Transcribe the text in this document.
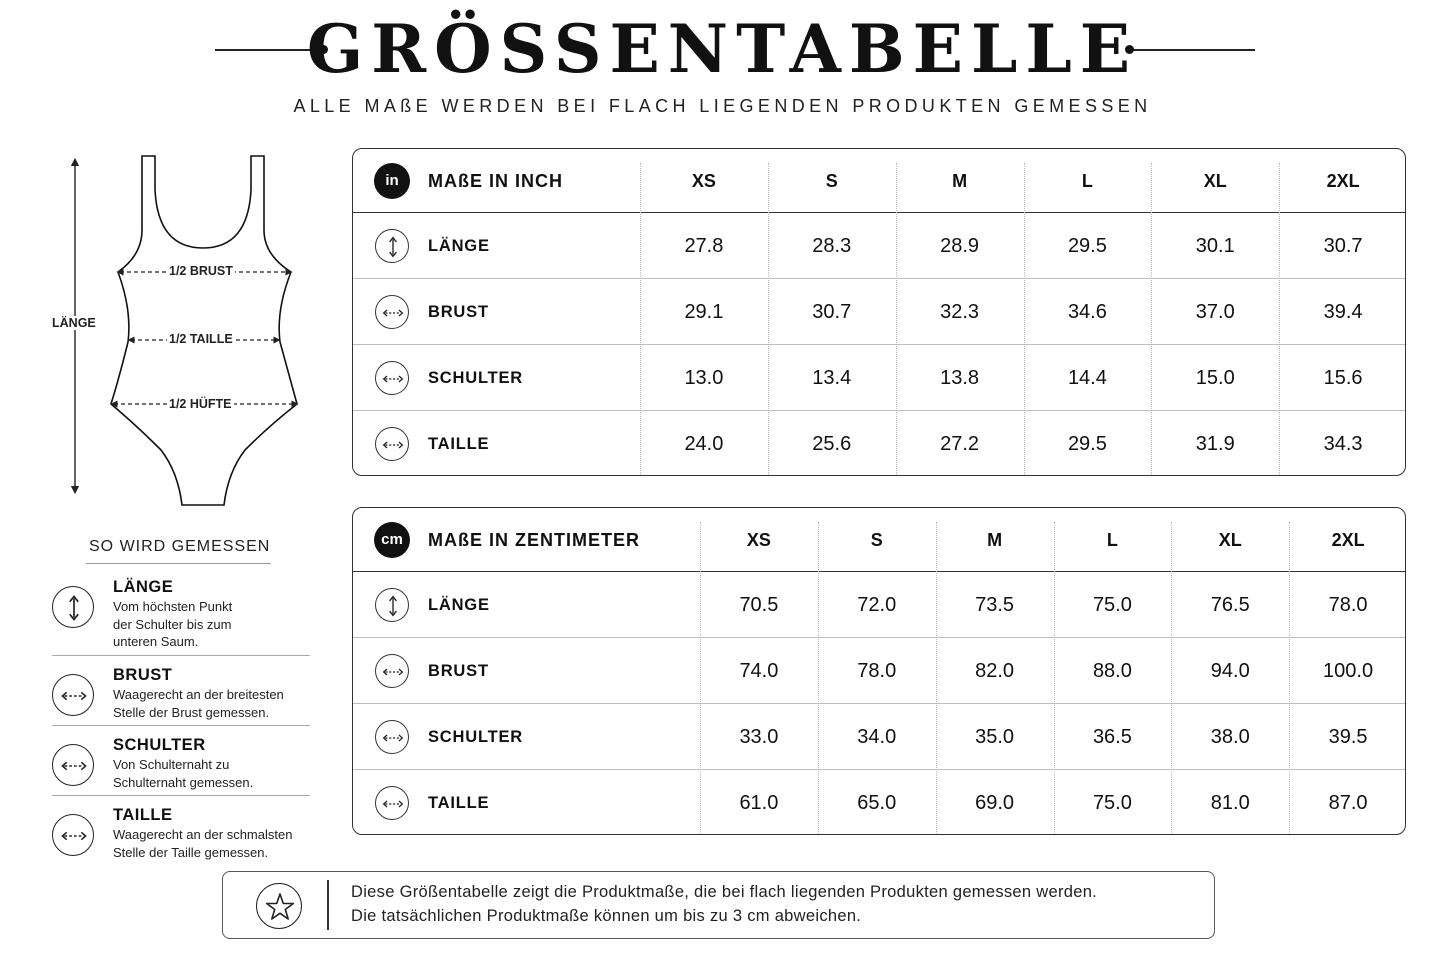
GRÖSSENTABELLE
ALLE MAßE WERDEN BEI FLACH LIEGENDEN PRODUKTEN GEMESSEN
LÄNGE
1/2 BRUST
1/2 TAILLE
1/2 HÜFTE
SO WIRD GEMESSEN
LÄNGE
Vom höchsten Punkt
der Schulter bis zum
unteren Saum.
BRUST
Waagerecht an der breitesten
Stelle der Brust gemessen.
SCHULTER
Von Schulternaht zu
Schulternaht gemessen.
TAILLE
Waagerecht an der schmalsten
Stelle der Taille gemessen.
in	MAßE IN INCH	XS	S	M	L	XL	2XL
LÄNGE	27.8	28.3	28.9	29.5	30.1	30.7
BRUST	29.1	30.7	32.3	34.6	37.0	39.4
SCHULTER	13.0	13.4	13.8	14.4	15.0	15.6
TAILLE	24.0	25.6	27.2	29.5	31.9	34.3
cm	MAßE IN ZENTIMETER	XS	S	M	L	XL	2XL
LÄNGE	70.5	72.0	73.5	75.0	76.5	78.0
BRUST	74.0	78.0	82.0	88.0	94.0	100.0
SCHULTER	33.0	34.0	35.0	36.5	38.0	39.5
TAILLE	61.0	65.0	69.0	75.0	81.0	87.0
Diese Größentabelle zeigt die Produktmaße, die bei flach liegenden Produkten gemessen werden.
Die tatsächlichen Produktmaße können um bis zu 3 cm abweichen.
